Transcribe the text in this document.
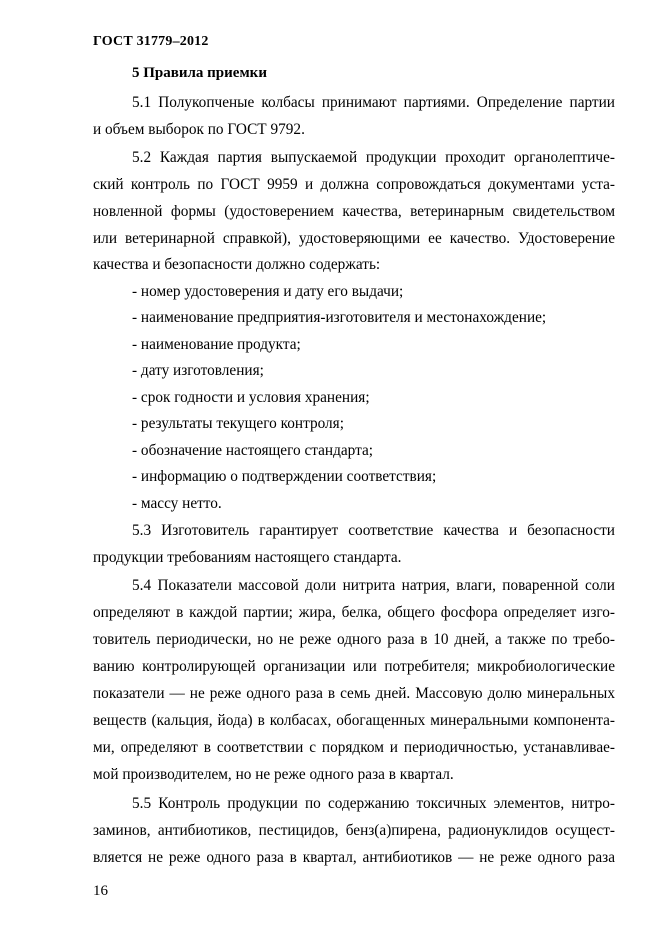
ГОСТ 31779–2012
5 Правила приемки
5.1 Полукопченые колбасы принимают партиями. Определение партии
и объем выборок по ГОСТ 9792.
5.2 Каждая партия выпускаемой продукции проходит органолептиче-
ский контроль по ГОСТ 9959 и должна сопровождаться документами уста-
новленной формы (удостоверением качества, ветеринарным свидетельством
или ветеринарной справкой), удостоверяющими ее качество. Удостоверение
качества и безопасности должно содержать:
- номер удостоверения и дату его выдачи;
- наименование предприятия-изготовителя и местонахождение;
- наименование продукта;
- дату изготовления;
- срок годности и условия хранения;
- результаты текущего контроля;
- обозначение настоящего стандарта;
- информацию о подтверждении соответствия;
- массу нетто.
5.3 Изготовитель гарантирует соответствие качества и безопасности
продукции требованиям настоящего стандарта.
5.4 Показатели массовой доли нитрита натрия, влаги, поваренной соли
определяют в каждой партии; жира, белка, общего фосфора определяет изго-
товитель периодически, но не реже одного раза в 10 дней, а также по требо-
ванию контролирующей организации или потребителя; микробиологические
показатели — не реже одного раза в семь дней. Массовую долю минеральных
веществ (кальция, йода) в колбасах, обогащенных минеральными компонента-
ми, определяют в соответствии с порядком и периодичностью, устанавливае-
мой производителем, но не реже одного раза в квартал.
5.5 Контроль продукции по содержанию токсичных элементов, нитро-
заминов, антибиотиков, пестицидов, бенз(а)пирена, радионуклидов осущест-
вляется не реже одного раза в квартал, антибиотиков — не реже одного раза
16
